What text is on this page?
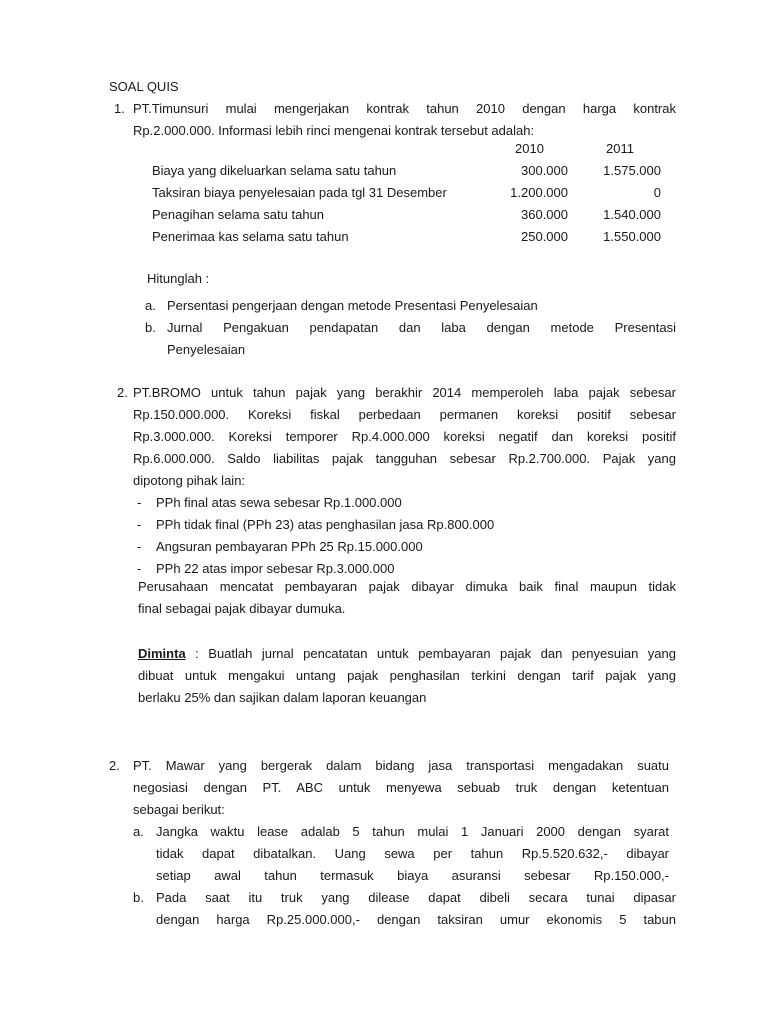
SOAL QUIS
1. PT.Timunsuri mulai mengerjakan kontrak tahun 2010 dengan harga kontrak
Rp.2.000.000. Informasi lebih rinci mengenai kontrak tersebut adalah:
2010	2011
Biaya yang dikeluarkan selama satu tahun	300.000	1.575.000
Taksiran biaya penyelesaian pada tgl 31 Desember	1.200.000	0
Penagihan selama satu tahun	360.000	1.540.000
Penerimaa kas selama satu tahun	250.000	1.550.000
Hitunglah :
a. Persentasi pengerjaan dengan metode Presentasi Penyelesaian
b. Jurnal Pengakuan pendapatan dan laba dengan metode Presentasi
Penyelesaian
2. PT.BROMO untuk tahun pajak yang berakhir 2014 memperoleh laba pajak sebesar
Rp.150.000.000. Koreksi fiskal perbedaan permanen koreksi positif sebesar
Rp.3.000.000. Koreksi temporer Rp.4.000.000 koreksi negatif dan koreksi positif
Rp.6.000.000. Saldo liabilitas pajak tangguhan sebesar Rp.2.700.000. Pajak yang
dipotong pihak lain:
- PPh final atas sewa sebesar Rp.1.000.000
- PPh tidak final (PPh 23) atas penghasilan jasa Rp.800.000
- Angsuran pembayaran PPh 25 Rp.15.000.000
- PPh 22 atas impor sebesar Rp.3.000.000
Perusahaan mencatat pembayaran pajak dibayar dimuka baik final maupun tidak
final sebagai pajak dibayar dumuka.
Diminta : Buatlah jurnal pencatatan untuk pembayaran pajak dan penyesuian yang
dibuat untuk mengakui untang pajak penghasilan terkini dengan tarif pajak yang
berlaku 25% dan sajikan dalam laporan keuangan
2. PT. Mawar yang bergerak dalam bidang jasa transportasi mengadakan suatu
negosiasi dengan PT. ABC untuk menyewa sebuab truk dengan ketentuan
sebagai berikut:
a. Jangka waktu lease adalab 5 tahun mulai 1 Januari 2000 dengan syarat
tidak dapat dibatalkan. Uang sewa per tahun Rp.5.520.632,- dibayar
setiap awal tahun termasuk biaya asuransi sebesar Rp.150.000,-
b. Pada saat itu truk yang dilease dapat dibeli secara tunai dipasar
dengan harga Rp.25.000.000,- dengan taksiran umur ekonomis 5 tabun
